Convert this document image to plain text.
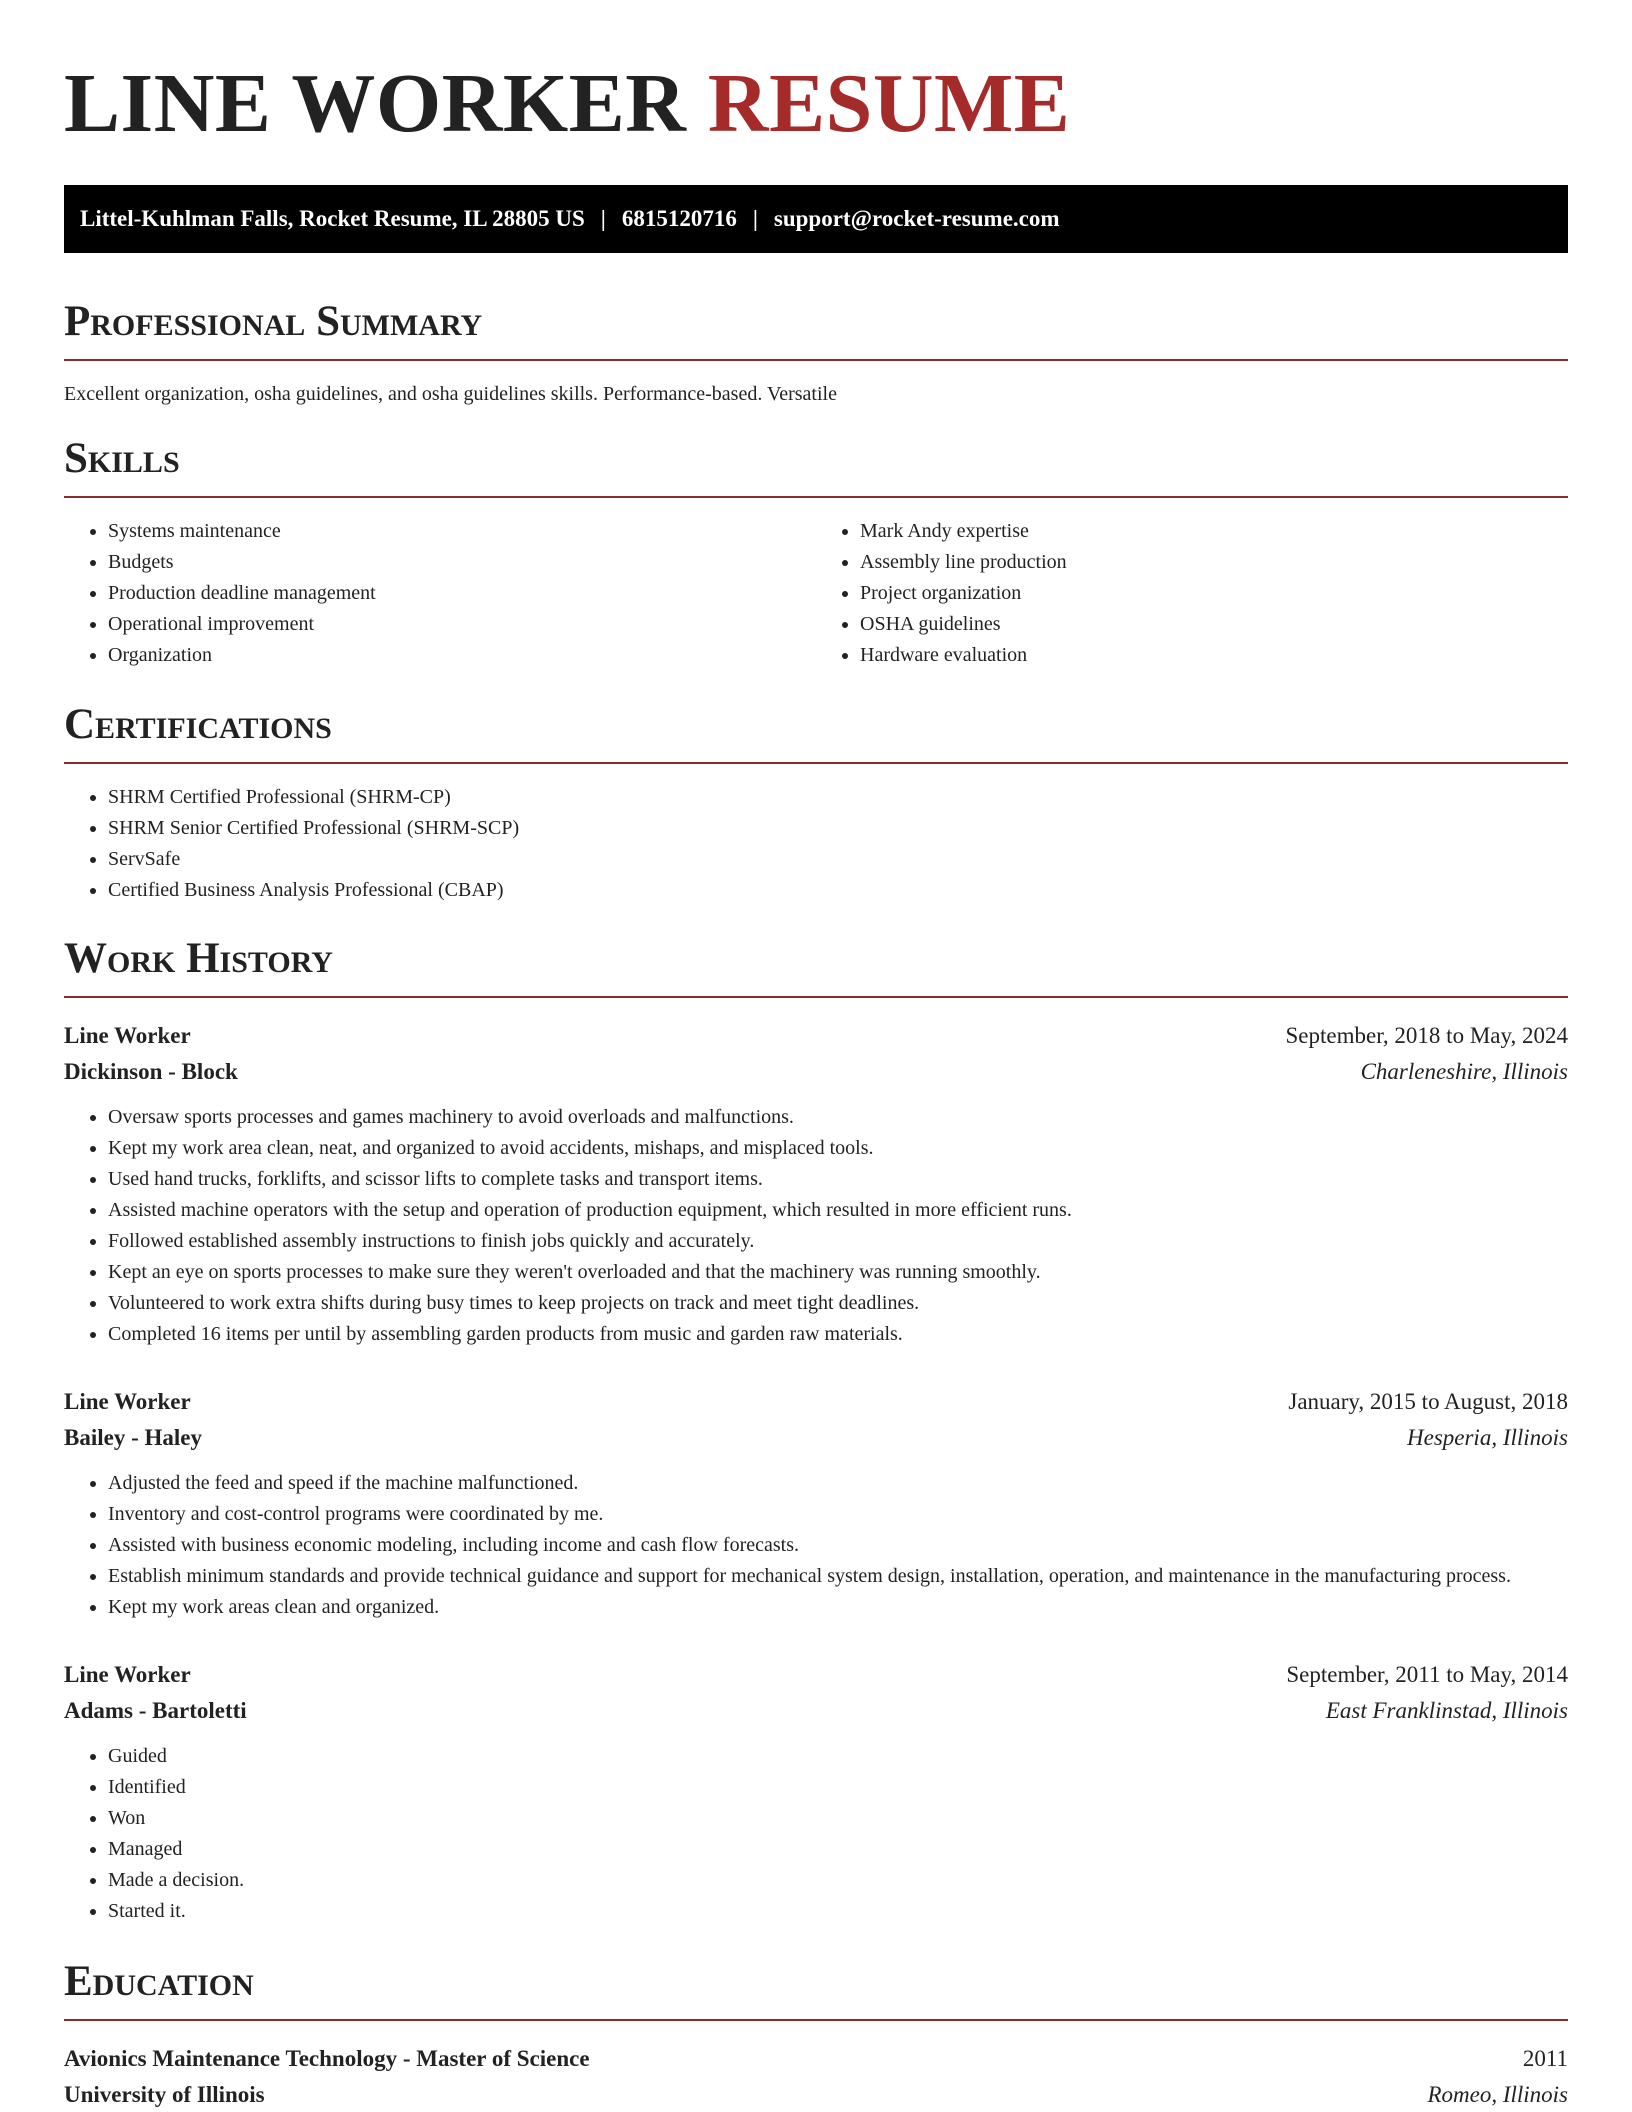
LINE WORKER RESUME
Littel-Kuhlman Falls, Rocket Resume, IL 28805 US | 6815120716 | support@rocket-resume.com
Professional Summary

Excellent organization, osha guidelines, and osha guidelines skills. Performance-based. Versatile

Skills
• Systems maintenance
• Budgets
• Production deadline management
• Operational improvement
• Organization
• Mark Andy expertise
• Assembly line production
• Project organization
• OSHA guidelines
• Hardware evaluation
Certifications
• SHRM Certified Professional (SHRM-CP)
• SHRM Senior Certified Professional (SHRM-SCP)
• ServSafe
• Certified Business Analysis Professional (CBAP)
Work History
Line Worker	September, 2018 to May, 2024
Dickinson - Block	Charleneshire, Illinois
• Oversaw sports processes and games machinery to avoid overloads and malfunctions.
• Kept my work area clean, neat, and organized to avoid accidents, mishaps, and misplaced tools.
• Used hand trucks, forklifts, and scissor lifts to complete tasks and transport items.
• Assisted machine operators with the setup and operation of production equipment, which resulted in more efficient runs.
• Followed established assembly instructions to finish jobs quickly and accurately.
• Kept an eye on sports processes to make sure they weren't overloaded and that the machinery was running smoothly.
• Volunteered to work extra shifts during busy times to keep projects on track and meet tight deadlines.
• Completed 16 items per until by assembling garden products from music and garden raw materials.
Line Worker	January, 2015 to August, 2018
Bailey - Haley	Hesperia, Illinois
• Adjusted the feed and speed if the machine malfunctioned.
• Inventory and cost-control programs were coordinated by me.
• Assisted with business economic modeling, including income and cash flow forecasts.
• Establish minimum standards and provide technical guidance and support for mechanical system design, installation, operation, and maintenance in the manufacturing process.
• Kept my work areas clean and organized.
Line Worker	September, 2011 to May, 2014
Adams - Bartoletti	East Franklinstad, Illinois
• Guided
• Identified
• Won
• Managed
• Made a decision.
• Started it.
Education
Avionics Maintenance Technology - Master of Science	2011
University of Illinois	Romeo, Illinois
